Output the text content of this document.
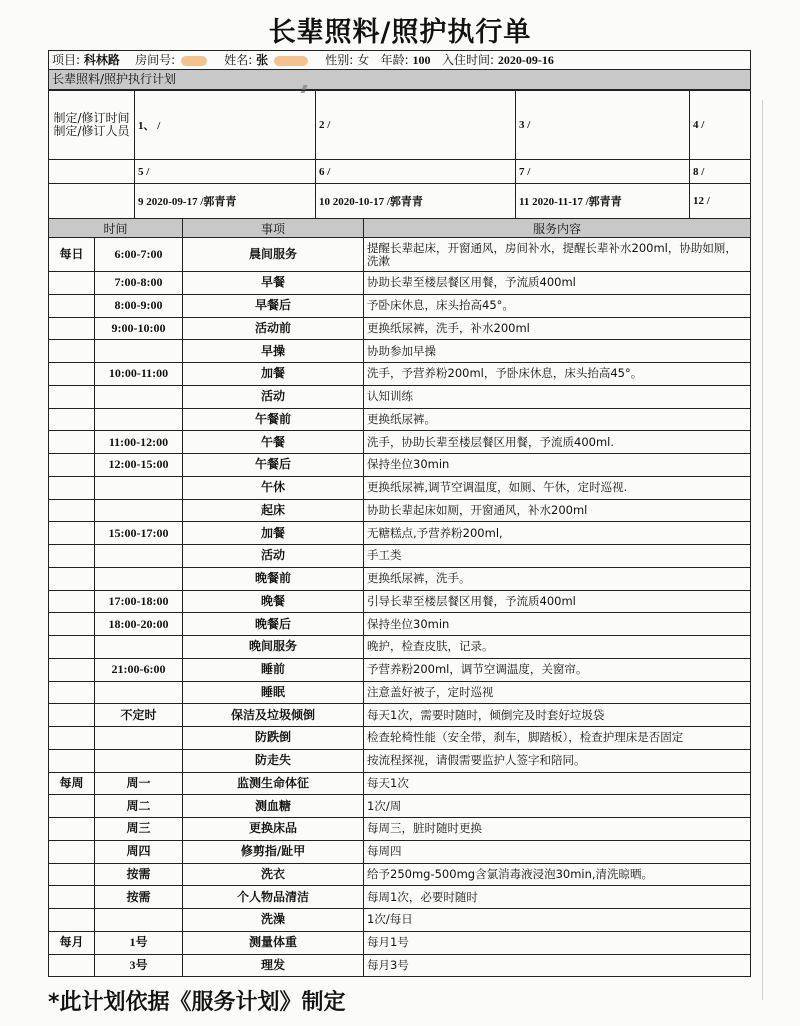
长辈照料/照护执行单
项目: 科林路 房间号:	姓名: 张	性别: 女 年龄: 100 入住时间: 2020-09-16
长辈照料/照护执行计划
制定/修订时间
制定/修订人员	1、 /	2 /	3 /	4 /
	5 /	6 /	7 /	8 /
	9 2020-09-17 /郭青青	10 2020-10-17 /郭青青	11 2020-11-17 /郭青青	12 /
时间		事项	服务内容
每日	6:00-7:00	晨间服务	提醒长辈起床，开窗通风，房间补水，提醒长辈补水200ml，协助如厕，洗漱
	7:00-8:00	早餐	协助长辈至楼层餐区用餐，予流质400ml
	8:00-9:00	早餐后	予卧床休息，床头抬高45°。
	9:00-10:00	活动前	更换纸尿裤，洗手，补水200ml
		早操	协助参加早操
	10:00-11:00	加餐	洗手，予营养粉200ml，予卧床休息，床头抬高45°。
		活动	认知训练
		午餐前	更换纸尿裤。
	11:00-12:00	午餐	洗手，协助长辈至楼层餐区用餐，予流质400ml.
	12:00-15:00	午餐后	保持坐位30min
		午休	更换纸尿裤,调节空调温度，如厕、午休，定时巡视.
		起床	协助长辈起床如厕，开窗通风，补水200ml
	15:00-17:00	加餐	无糖糕点,予营养粉200ml,
		活动	手工类
		晚餐前	更换纸尿裤，洗手。
	17:00-18:00	晚餐	引导长辈至楼层餐区用餐，予流质400ml
	18:00-20:00	晚餐后	保持坐位30min
		晚间服务	晚护，检查皮肤，记录。
	21:00-6:00	睡前	予营养粉200ml，调节空调温度，关窗帘。
		睡眠	注意盖好被子，定时巡视
	不定时	保洁及垃圾倾倒	每天1次，需要时随时，倾倒完及时套好垃圾袋
		防跌倒	检查轮椅性能（安全带，刹车，脚踏板），检查护理床是否固定
		防走失	按流程探视，请假需要监护人签字和陪同。
每周	周一	监测生命体征	每天1次
	周二	测血糖	1次/周
	周三	更换床品	每周三，脏时随时更换
	周四	修剪指/趾甲	每周四
	按需	洗衣	给予250mg-500mg含氯消毒液浸泡30min,清洗晾晒。
	按需	个人物品清洁	每周1次，必要时随时
		洗澡	1次/每日
每月	1号	测量体重	每月1号
	3号	理发	每月3号
*此计划依据《服务计划》制定
